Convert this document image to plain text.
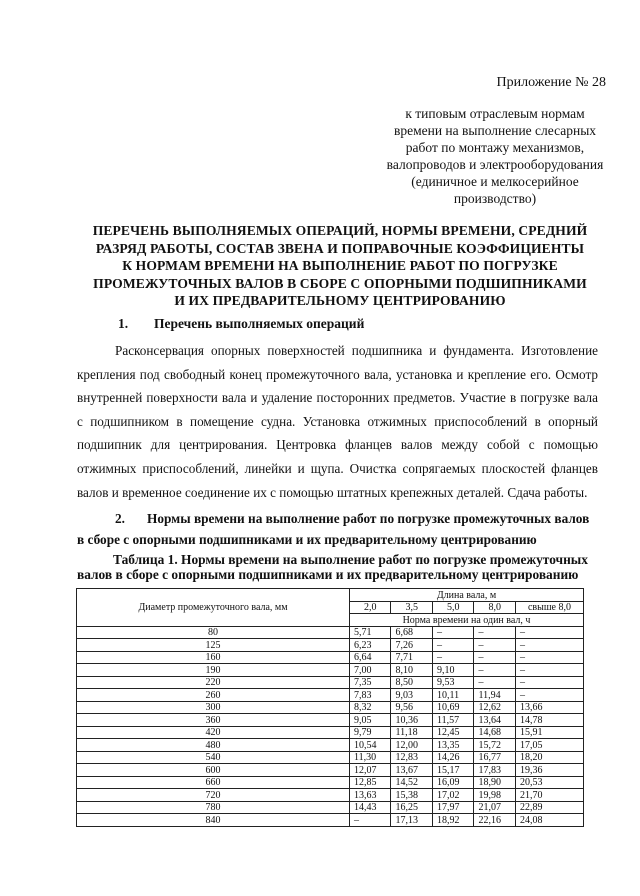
Приложение № 28
к типовым отраслевым нормам
времени на выполнение слесарных
работ по монтажу механизмов,
валопроводов и электрооборудования
(единичное и мелкосерийное
производство)
ПЕРЕЧЕНЬ ВЫПОЛНЯЕМЫХ ОПЕРАЦИЙ, НОРМЫ ВРЕМЕНИ, СРЕДНИЙ
РАЗРЯД РАБОТЫ, СОСТАВ ЗВЕНА И ПОПРАВОЧНЫЕ КОЭФФИЦИЕНТЫ
К НОРМАМ ВРЕМЕНИ НА ВЫПОЛНЕНИЕ РАБОТ ПО ПОГРУЗКЕ
ПРОМЕЖУТОЧНЫХ ВАЛОВ В СБОРЕ С ОПОРНЫМИ ПОДШИПНИКАМИ
И ИХ ПРЕДВАРИТЕЛЬНОМУ ЦЕНТРИРОВАНИЮ
1. Перечень выполняемых операций
Расконсервация опорных поверхностей подшипника и фундамента. Изготовление крепления под свободный конец промежуточного вала, установка и крепление его. Осмотр внутренней поверхности вала и удаление посторонних предметов. Участие в погрузке вала с подшипником в помещение судна. Установка отжимных приспособлений в опорный подшипник для центрирования. Центровка фланцев валов между собой с помощью отжимных приспособлений, линейки и щупа. Очистка сопрягаемых плоскостей фланцев валов и временное соединение их с помощью штатных крепежных деталей. Сдача работы.
2. Нормы времени на выполнение работ по погрузке промежуточных валов в сборе с опорными подшипниками и их предварительному центрированию
Таблица 1. Нормы времени на выполнение работ по погрузке промежуточных
валов в сборе с опорными подшипниками и их предварительному центрированию
Диаметр промежуточного вала, мм	Длина вала, м				
	2,0	3,5	5,0	8,0	свыше 8,0
	Норма времени на один вал, ч				
80	5,71	6,68	–	–	–
125	6,23	7,26	–	–	–
160	6,64	7,71	–	–	–
190	7,00	8,10	9,10	–	–
220	7,35	8,50	9,53	–	–
260	7,83	9,03	10,11	11,94	–
300	8,32	9,56	10,69	12,62	13,66
360	9,05	10,36	11,57	13,64	14,78
420	9,79	11,18	12,45	14,68	15,91
480	10,54	12,00	13,35	15,72	17,05
540	11,30	12,83	14,26	16,77	18,20
600	12,07	13,67	15,17	17,83	19,36
660	12,85	14,52	16,09	18,90	20,53
720	13,63	15,38	17,02	19,98	21,70
780	14,43	16,25	17,97	21,07	22,89
840	–	17,13	18,92	22,16	24,08
